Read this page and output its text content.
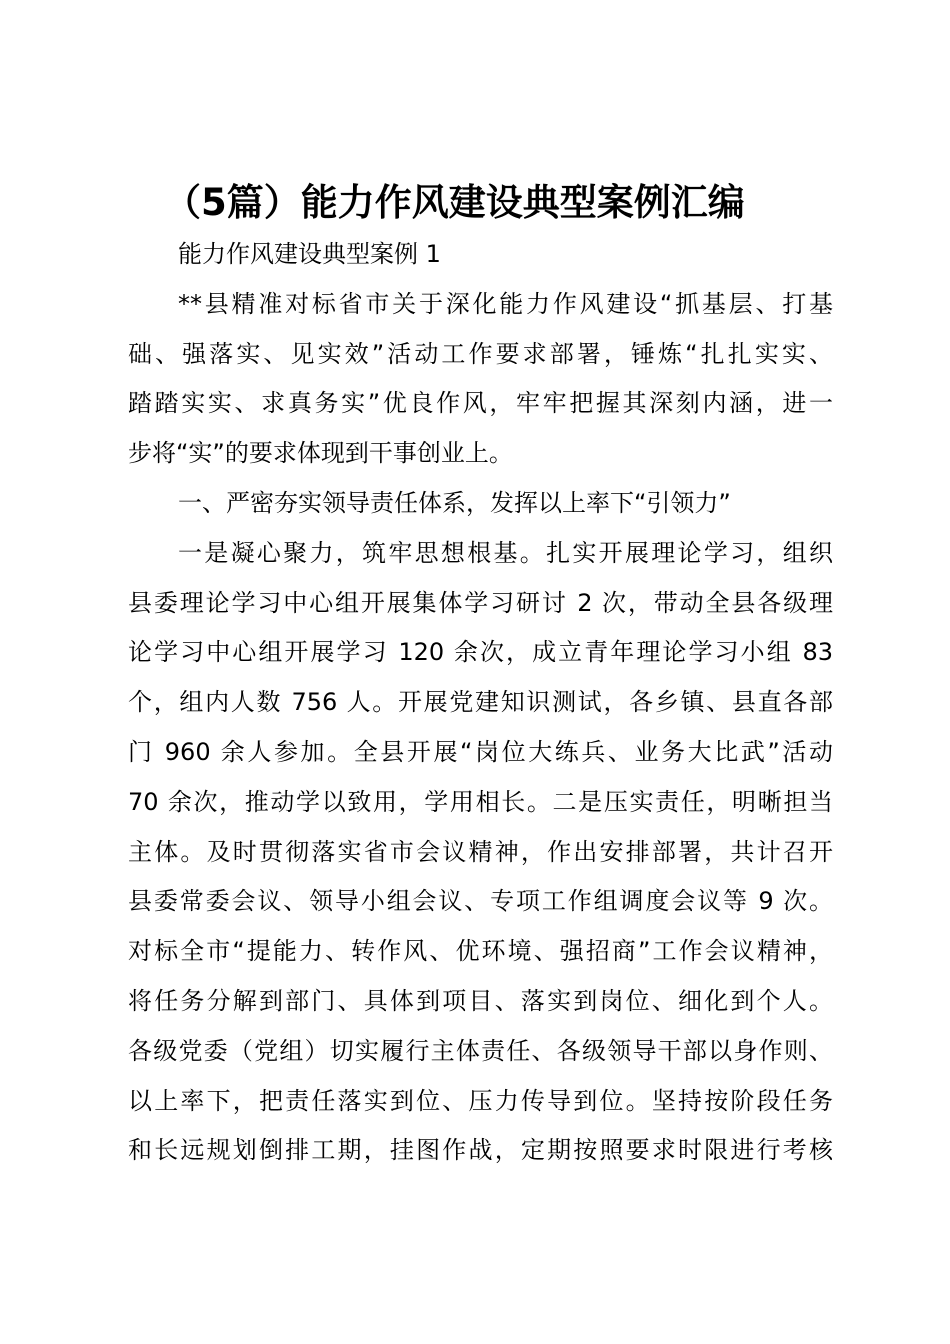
（5篇）能力作风建设典型案例汇编
能力作风建设典型案例 1
**县精准对标省市关于深化能力作风建设“抓基层、打基
础、强落实、见实效”活动工作要求部署，锤炼“扎扎实实、
踏踏实实、求真务实”优良作风，牢牢把握其深刻内涵，进一
步将“实”的要求体现到干事创业上。
一、严密夯实领导责任体系，发挥以上率下“引领力”
一是凝心聚力，筑牢思想根基。扎实开展理论学习，组织
县委理论学习中心组开展集体学习研讨 2 次，带动全县各级理
论学习中心组开展学习 120 余次，成立青年理论学习小组 83
个，组内人数 756 人。开展党建知识测试，各乡镇、县直各部
门 960 余人参加。全县开展“岗位大练兵、业务大比武”活动
70 余次，推动学以致用，学用相长。二是压实责任，明晰担当
主体。及时贯彻落实省市会议精神，作出安排部署，共计召开
县委常委会议、领导小组会议、专项工作组调度会议等 9 次。
对标全市“提能力、转作风、优环境、强招商”工作会议精神，
将任务分解到部门、具体到项目、落实到岗位、细化到个人。
各级党委（党组）切实履行主体责任、各级领导干部以身作则、
以上率下，把责任落实到位、压力传导到位。坚持按阶段任务
和长远规划倒排工期，挂图作战，定期按照要求时限进行考核
